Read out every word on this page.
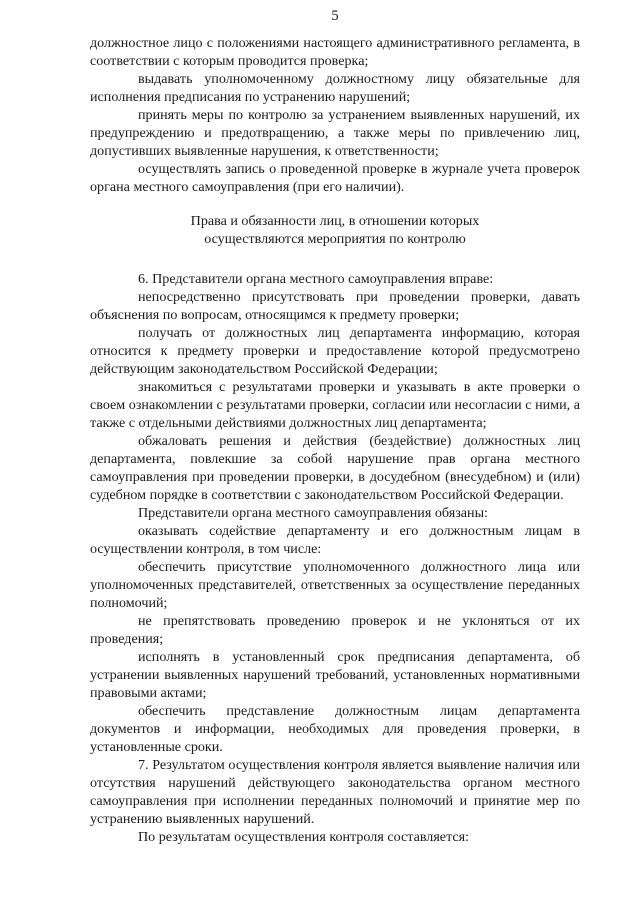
5

должностное лицо с положениями настоящего административного регламента, в соответствии с которым проводится проверка;

выдавать уполномоченному должностному лицу обязательные для исполнения предписания по устранению нарушений;

принять меры по контролю за устранением выявленных нарушений, их предупреждению и предотвращению, а также меры по привлечению лиц, допустивших выявленные нарушения, к ответственности;

осуществлять запись о проведенной проверке в журнале учета проверок органа местного самоуправления (при его наличии).

Права и обязанности лиц, в отношении которых
осуществляются мероприятия по контролю

6. Представители органа местного самоуправления вправе:

непосредственно присутствовать при проведении проверки, давать объяснения по вопросам, относящимся к предмету проверки;

получать от должностных лиц департамента информацию, которая относится к предмету проверки и предоставление которой предусмотрено действующим законодательством Российской Федерации;

знакомиться с результатами проверки и указывать в акте проверки о своем ознакомлении с результатами проверки, согласии или несогласии с ними, а также с отдельными действиями должностных лиц департамента;

обжаловать решения и действия (бездействие) должностных лиц департамента, повлекшие за собой нарушение прав органа местного самоуправления при проведении проверки, в досудебном (внесудебном) и (или) судебном порядке в соответствии с законодательством Российской Федерации.

Представители органа местного самоуправления обязаны:

оказывать содействие департаменту и его должностным лицам в осуществлении контроля, в том числе:

обеспечить присутствие уполномоченного должностного лица или уполномоченных представителей, ответственных за осуществление переданных полномочий;

не препятствовать проведению проверок и не уклоняться от их проведения;

исполнять в установленный срок предписания департамента, об устранении выявленных нарушений требований, установленных нормативными правовыми актами;

обеспечить представление должностным лицам департамента документов и информации, необходимых для проведения проверки, в установленные сроки.

7. Результатом осуществления контроля является выявление наличия или отсутствия нарушений действующего законодательства органом местного самоуправления при исполнении переданных полномочий и принятие мер по устранению выявленных нарушений.

По результатам осуществления контроля составляется:
